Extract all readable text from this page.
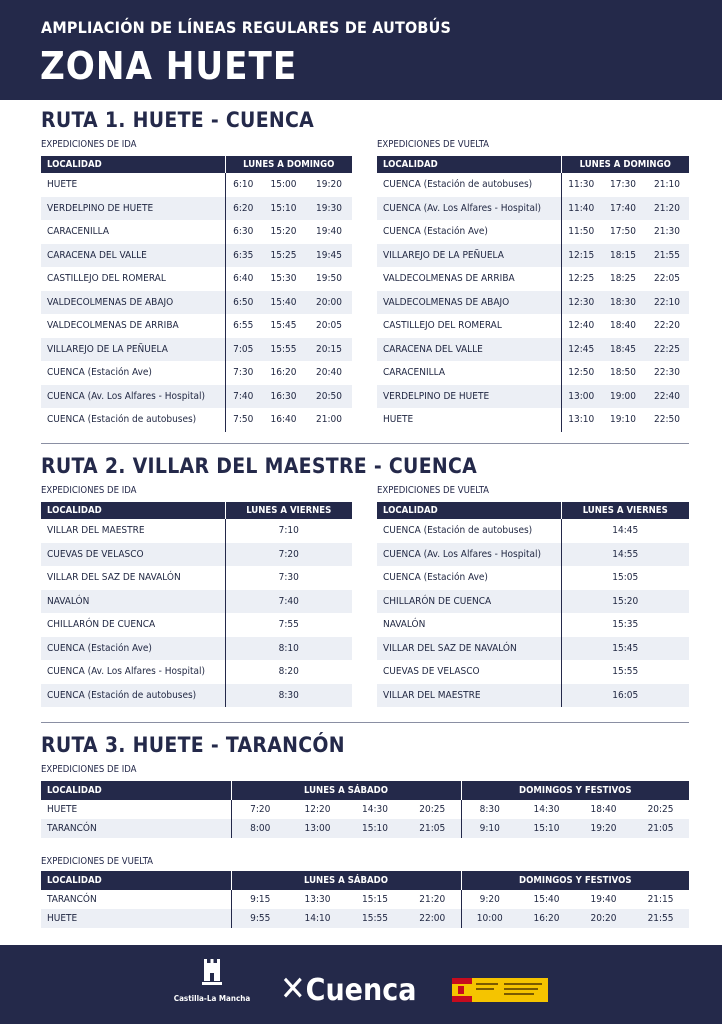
AMPLIACIÓN DE LÍNEAS REGULARES DE AUTOBÚS
ZONA HUETE
RUTA 1. HUETE - CUENCA
EXPEDICIONES DE IDA	EXPEDICIONES DE VUELTA
LOCALIDAD	LUNES A DOMINGO		
HUETE	6:10	15:00	19:20
VERDELPINO DE HUETE	6:20	15:10	19:30
CARACENILLA	6:30	15:20	19:40
CARACENA DEL VALLE	6:35	15:25	19:45
CASTILLEJO DEL ROMERAL	6:40	15:30	19:50
VALDECOLMENAS DE ABAJO	6:50	15:40	20:00
VALDECOLMENAS DE ARRIBA	6:55	15:45	20:05
VILLAREJO DE LA PEÑUELA	7:05	15:55	20:15
CUENCA (Estación Ave)	7:30	16:20	20:40
CUENCA (Av. Los Alfares - Hospital)	7:40	16:30	20:50
CUENCA (Estación de autobuses)	7:50	16:40	21:00
LOCALIDAD	LUNES A DOMINGO		
CUENCA (Estación de autobuses)	11:30	17:30	21:10
CUENCA (Av. Los Alfares - Hospital)	11:40	17:40	21:20
CUENCA (Estación Ave)	11:50	17:50	21:30
VILLAREJO DE LA PEÑUELA	12:15	18:15	21:55
VALDECOLMENAS DE ARRIBA	12:25	18:25	22:05
VALDECOLMENAS DE ABAJO	12:30	18:30	22:10
CASTILLEJO DEL ROMERAL	12:40	18:40	22:20
CARACENA DEL VALLE	12:45	18:45	22:25
CARACENILLA	12:50	18:50	22:30
VERDELPINO DE HUETE	13:00	19:00	22:40
HUETE	13:10	19:10	22:50
RUTA 2. VILLAR DEL MAESTRE - CUENCA
EXPEDICIONES DE IDA	EXPEDICIONES DE VUELTA
LOCALIDAD	LUNES A VIERNES
VILLAR DEL MAESTRE	7:10
CUEVAS DE VELASCO	7:20
VILLAR DEL SAZ DE NAVALÓN	7:30
NAVALÓN	7:40
CHILLARÓN DE CUENCA	7:55
CUENCA (Estación Ave)	8:10
CUENCA (Av. Los Alfares - Hospital)	8:20
CUENCA (Estación de autobuses)	8:30
LOCALIDAD	LUNES A VIERNES
CUENCA (Estación de autobuses)	14:45
CUENCA (Av. Los Alfares - Hospital)	14:55
CUENCA (Estación Ave)	15:05
CHILLARÓN DE CUENCA	15:20
NAVALÓN	15:35
VILLAR DEL SAZ DE NAVALÓN	15:45
CUEVAS DE VELASCO	15:55
VILLAR DEL MAESTRE	16:05
RUTA 3. HUETE - TARANCÓN
EXPEDICIONES DE IDA
LOCALIDAD	LUNES A SÁBADO				DOMINGOS Y FESTIVOS			
HUETE	7:20	12:20	14:30	20:25	8:30	14:30	18:40	20:25
TARANCÓN	8:00	13:00	15:10	21:05	9:10	15:10	19:20	21:05
EXPEDICIONES DE VUELTA
LOCALIDAD	LUNES A SÁBADO				DOMINGOS Y FESTIVOS			
TARANCÓN	9:15	13:30	15:15	21:20	9:20	15:40	19:40	21:15
HUETE	9:55	14:10	15:55	22:00	10:00	16:20	20:20	21:55
Castilla-La Mancha ✕Cuenca
